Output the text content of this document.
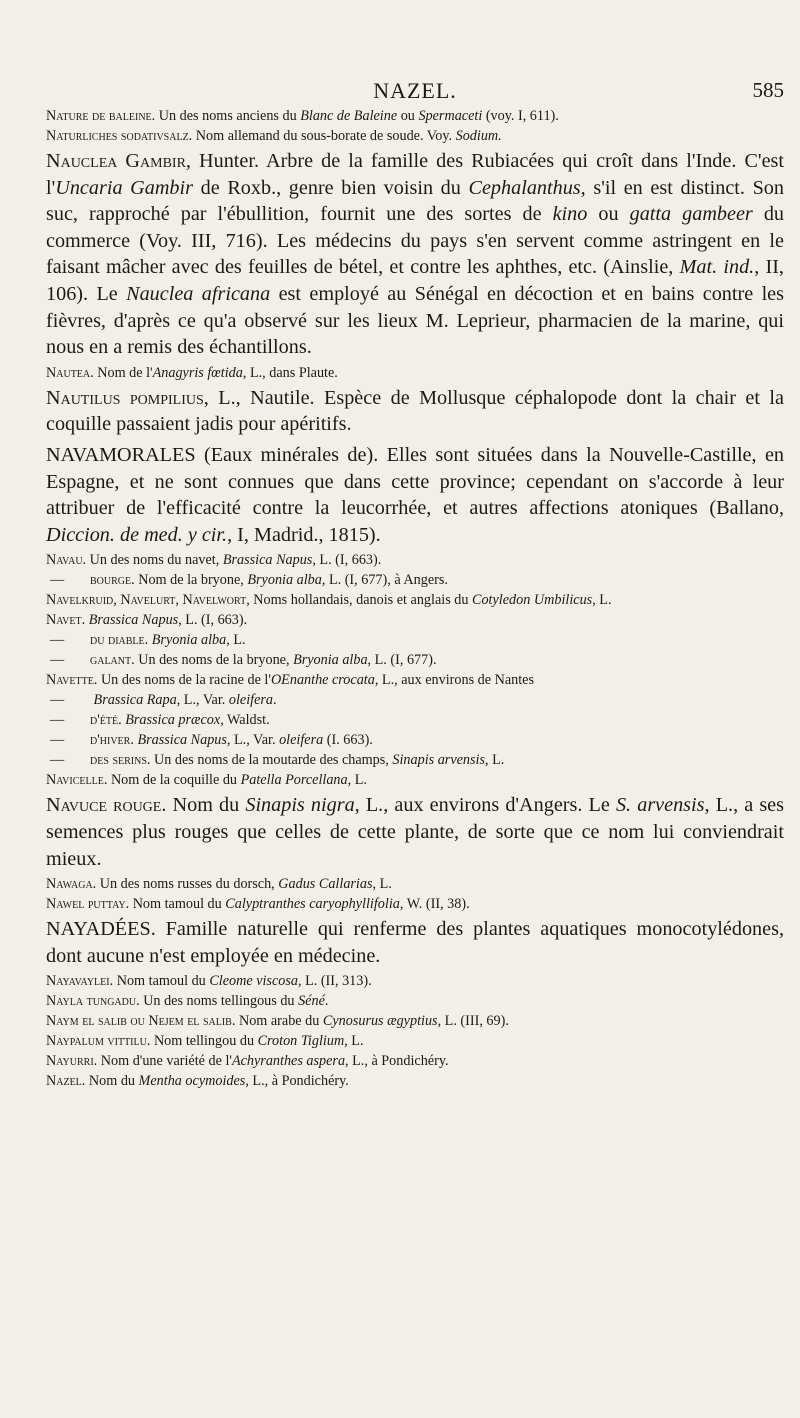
NAZEL.	585

Nature de baleine. Un des noms anciens du Blanc de Baleine ou Spermaceti (voy. I, 611).

Naturliches sodativsalz. Nom allemand du sous-borate de soude. Voy. Sodium.

Nauclea Gambir, Hunter. Arbre de la famille des Rubiacées qui croît dans l'Inde. C'est l'Uncaria Gambir de Roxb., genre bien voisin du Cephalanthus, s'il en est distinct. Son suc, rapproché par l'ébullition, fournit une des sortes de kino ou gatta gambeer du commerce (Voy. III, 716). Les médecins du pays s'en servent comme astringent en le faisant mâcher avec des feuilles de bétel, et contre les aphthes, etc. (Ainslie, Mat. ind., II, 106). Le Nauclea africana est employé au Sénégal en décoction et en bains contre les fièvres, d'après ce qu'a observé sur les lieux M. Leprieur, pharmacien de la marine, qui nous en a remis des échantillons.

Nautea. Nom de l'Anagyris fœtida, L., dans Plaute.

Nautilus pompilius, L., Nautile. Espèce de Mollusque céphalopode dont la chair et la coquille passaient jadis pour apéritifs.

NAVAMORALES (Eaux minérales de). Elles sont situées dans la Nouvelle-Castille, en Espagne, et ne sont connues que dans cette province; cependant on s'accorde à leur attribuer de l'efficacité contre la leucorrhée, et autres affections atoniques (Ballano, Diccion. de med. y cir., I, Madrid., 1815).

Navau. Un des noms du navet, Brassica Napus, L. (I, 663).

— bourge. Nom de la bryone, Bryonia alba, L. (I, 677), à Angers.

Navelkruid, Navelurt, Navelwort, Noms hollandais, danois et anglais du Cotyledon Umbilicus, L.

Navet. Brassica Napus, L. (I, 663).

— du diable. Bryonia alba, L.

— galant. Un des noms de la bryone, Bryonia alba, L. (I, 677).

Navette. Un des noms de la racine de l'OEnanthe crocata, L., aux environs de Nantes

— Brassica Rapa, L., Var. oleifera.

— d'été. Brassica præcox, Waldst.

— d'hiver. Brassica Napus, L., Var. oleifera (I. 663).

— des serins. Un des noms de la moutarde des champs, Sinapis arvensis, L.

Navicelle. Nom de la coquille du Patella Porcellana, L.

Navuce rouge. Nom du Sinapis nigra, L., aux environs d'Angers. Le S. arvensis, L., a ses semences plus rouges que celles de cette plante, de sorte que ce nom lui conviendrait mieux.

Nawaga. Un des noms russes du dorsch, Gadus Callarias, L.

Nawel puttay. Nom tamoul du Calyptranthes caryophyllifolia, W. (II, 38).

NAYADÉES. Famille naturelle qui renferme des plantes aquatiques monocotylédones, dont aucune n'est employée en médecine.

Nayavaylei. Nom tamoul du Cleome viscosa, L. (II, 313).

Nayla tungadu. Un des noms tellingous du Séné.

Naym el salib ou Nejem el salib. Nom arabe du Cynosurus ægyptius, L. (III, 69).

Naypalum vittilu. Nom tellingou du Croton Tiglium, L.

Nayurri. Nom d'une variété de l'Achyranthes aspera, L., à Pondichéry.

Nazel. Nom du Mentha ocymoides, L., à Pondichéry.
